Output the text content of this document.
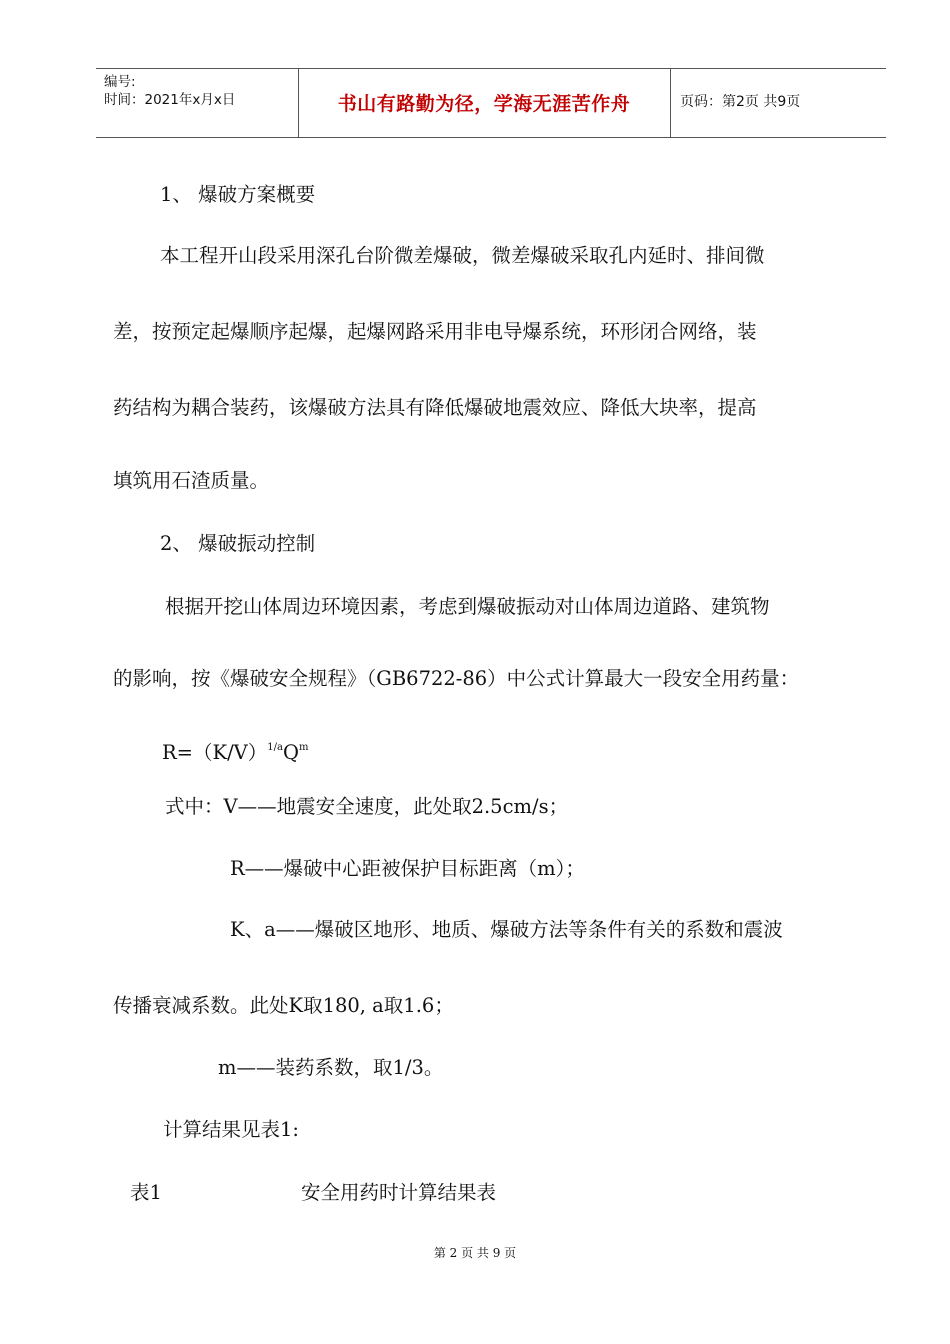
编号:
时间：2021年x月x日	书山有路勤为径，学海无涯苦作舟	页码：第2页 共9页
1、 爆破方案概要
本工程开山段采用深孔台阶微差爆破，微差爆破采取孔内延时、排间微
差，按预定起爆顺序起爆，起爆网路采用非电导爆系统，环形闭合网络，装
药结构为耦合装药，该爆破方法具有降低爆破地震效应、降低大块率，提高
填筑用石渣质量。
2、 爆破振动控制
根据开挖山体周边环境因素，考虑到爆破振动对山体周边道路、建筑物
的影响，按《爆破安全规程》（GB6722-86）中公式计算最大一段安全用药量：
$R=(K/V)^{1/a}Q^m$
式中：V——地震安全速度，此处取2.5cm/s；
R——爆破中心距被保护目标距离（m）；
K、a——爆破区地形、地质、爆破方法等条件有关的系数和震波
传播衰减系数。此处K取180, a取1.6；
m——装药系数，取1/3。
计算结果见表1:
表1	安全用药时计算结果表
第 2 页 共 9 页
